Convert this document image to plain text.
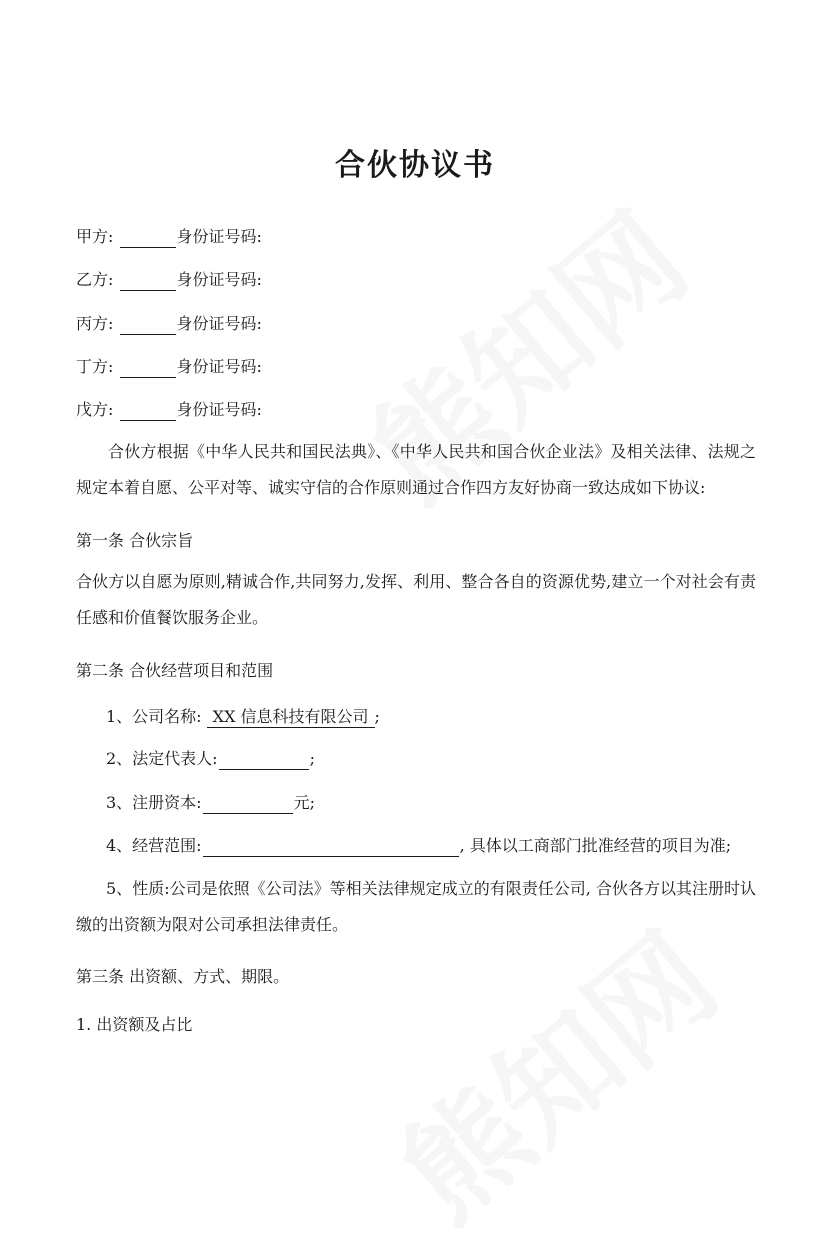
合伙协议书
甲方:	身份证号码:
乙方:	身份证号码:
丙方:	身份证号码:
丁方:	身份证号码:
戊方:	身份证号码:
合伙方根据《中华人民共和国民法典》、《中华人民共和国合伙企业法》及相关法律、法规之规定本着自愿、公平对等、诚实守信的合作原则通过合作四方友好协商一致达成如下协议:
第一条 合伙宗旨
合伙方以自愿为原则,精诚合作,共同努力,发挥、利用、整合各自的资源优势,建立一个对社会有责任感和价值餐饮服务企业。
第二条 合伙经营项目和范围
1、公司名称: XX 信息科技有限公司 ;
2、法定代表人:	;
3、注册资本:	元;
4、经营范围:	, 具体以工商部门批准经营的项目为准;
5、性质:公司是依照《公司法》等相关法律规定成立的有限责任公司, 合伙各方以其注册时认缴的出资额为限对公司承担法律责任。
第三条 出资额、方式、期限。
1. 出资额及占比
